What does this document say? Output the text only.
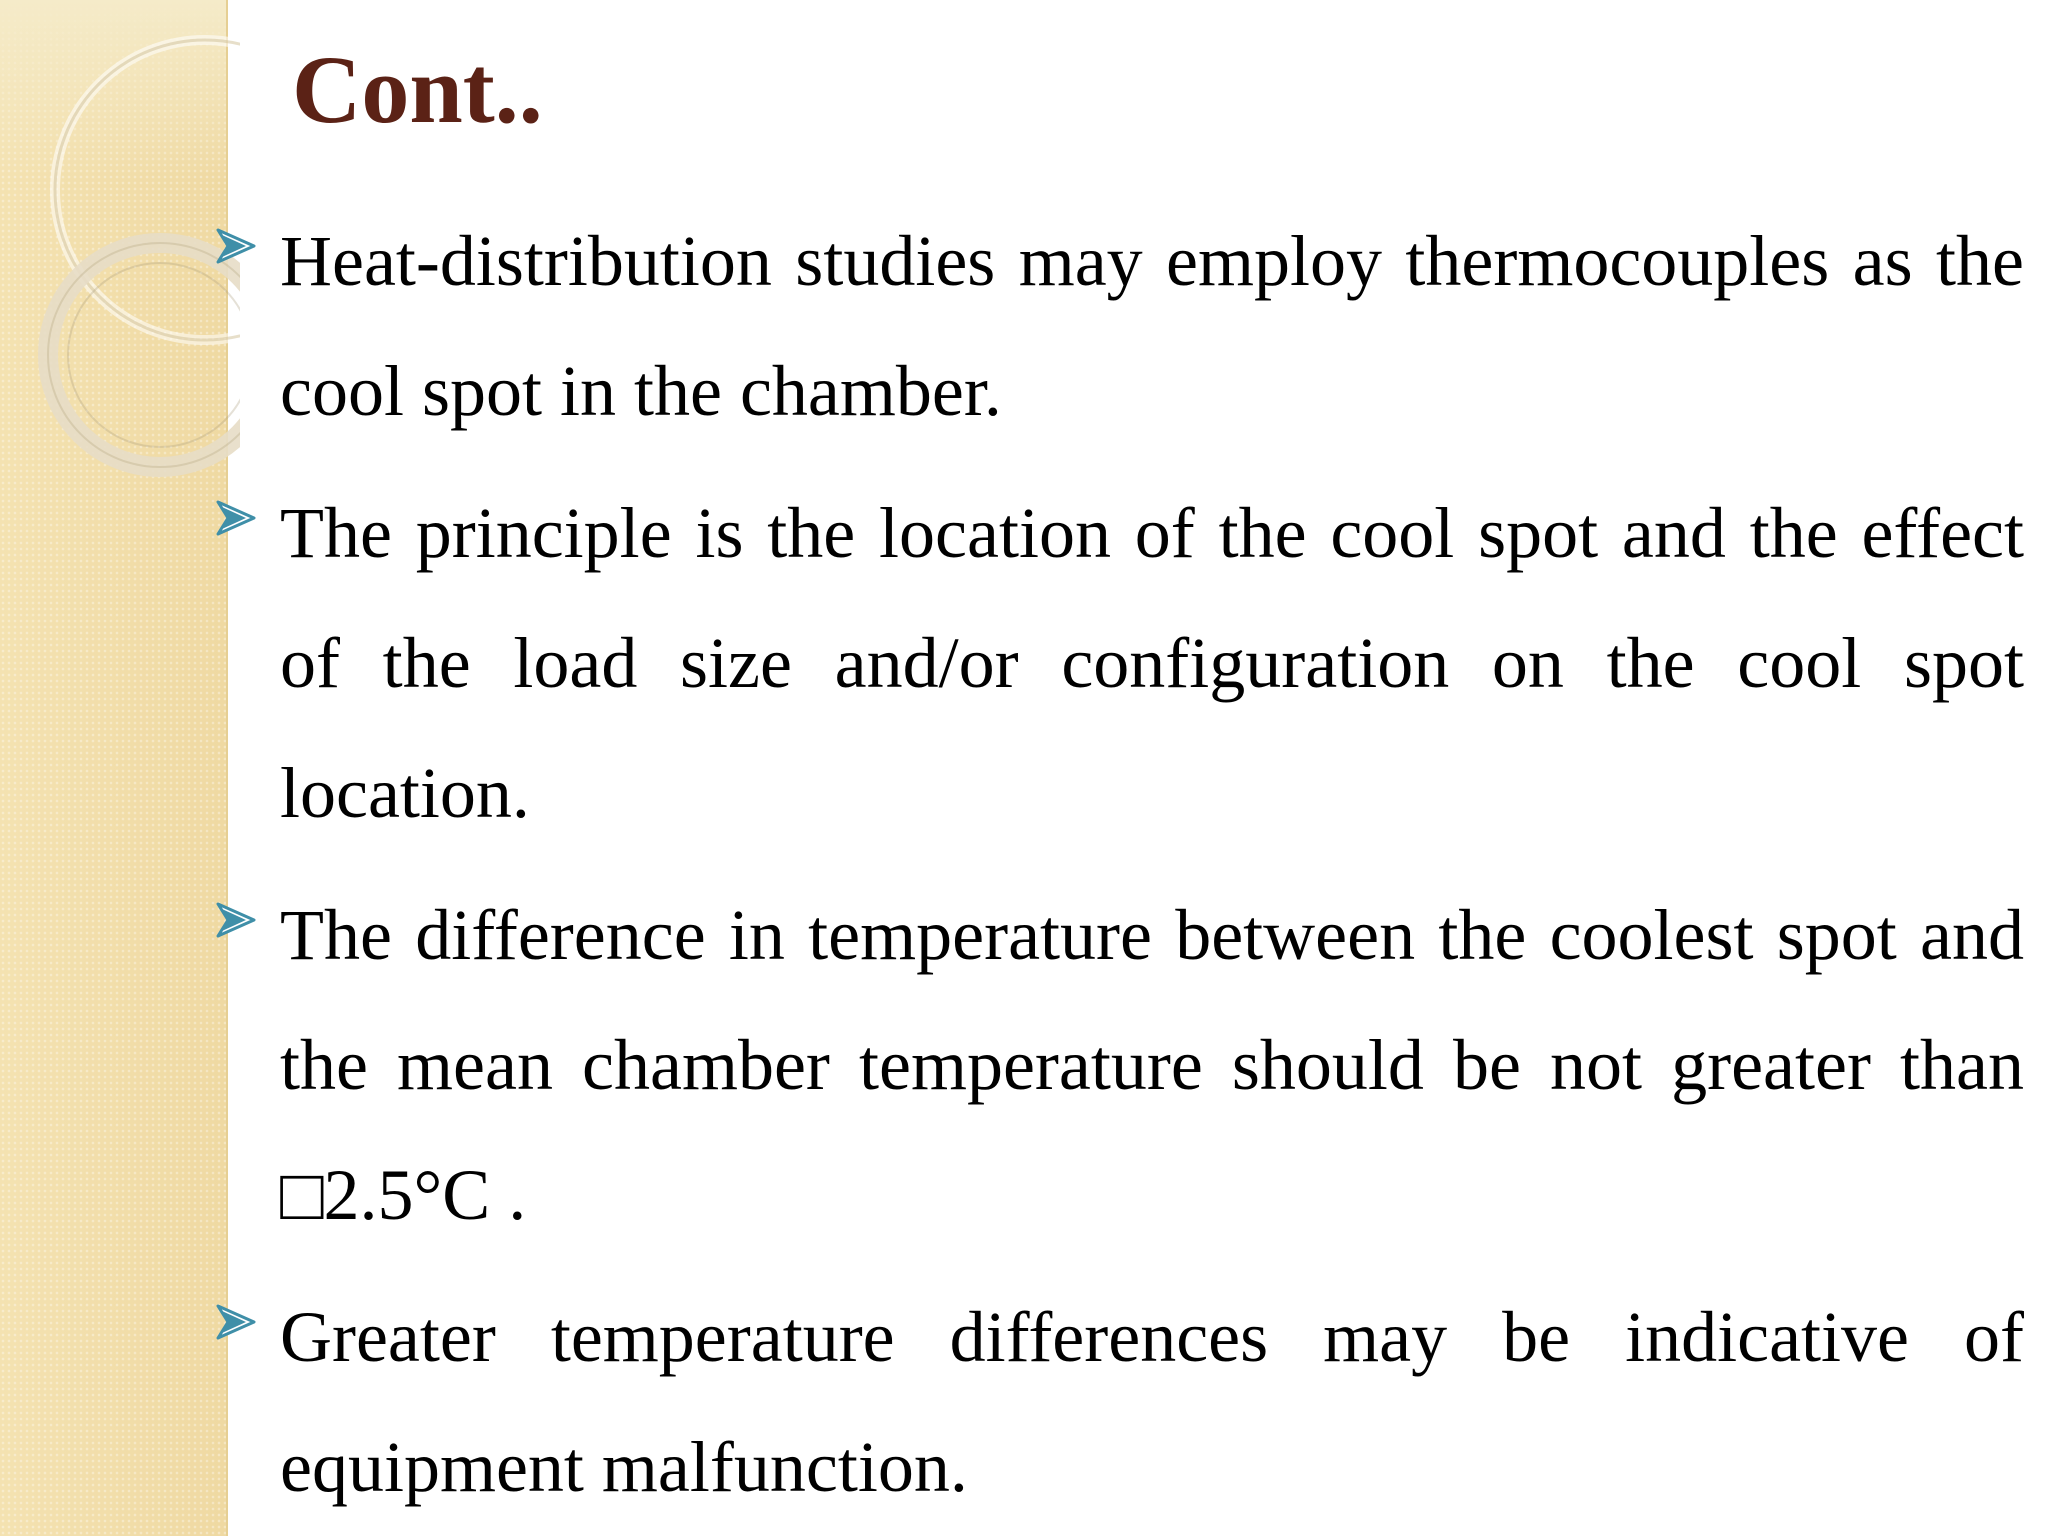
Cont..

Heat-distribution studies may employ thermocouples as the cool spot in the chamber.

The principle is the location of the cool spot and the effect of the load size and/or configuration on the cool spot location.

The difference in temperature between the coolest spot and the mean chamber temperature should be not greater than □2.5°C .

Greater temperature differences may be indicative of equipment malfunction.
